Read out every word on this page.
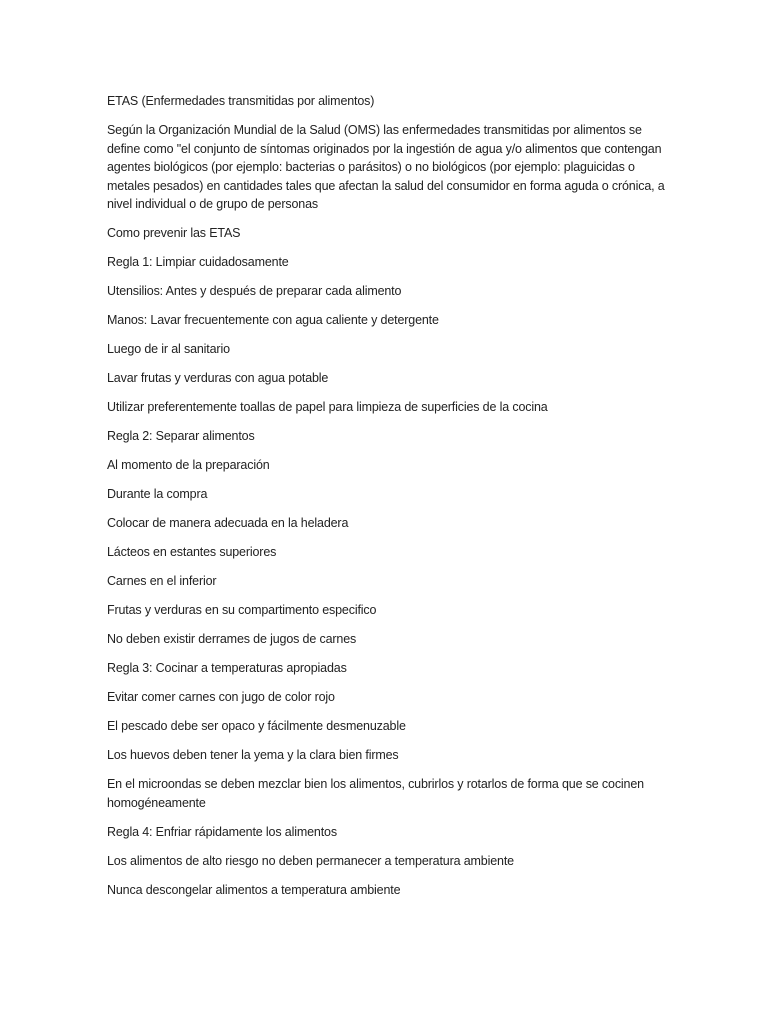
ETAS (Enfermedades transmitidas por alimentos)

Según la Organización Mundial de la Salud (OMS) las enfermedades transmitidas por alimentos se define como "el conjunto de síntomas originados por la ingestión de agua y/o alimentos que contengan agentes biológicos (por ejemplo: bacterias o parásitos) o no biológicos (por ejemplo: plaguicidas o metales pesados) en cantidades tales que afectan la salud del consumidor en forma aguda o crónica, a nivel individual o de grupo de personas

Como prevenir las ETAS

Regla 1: Limpiar cuidadosamente

Utensilios: Antes y después de preparar cada alimento

Manos: Lavar frecuentemente con agua caliente y detergente

Luego de ir al sanitario

Lavar frutas y verduras con agua potable

Utilizar preferentemente toallas de papel para limpieza de superficies de la cocina

Regla 2: Separar alimentos

Al momento de la preparación

Durante la compra

Colocar de manera adecuada en la heladera

Lácteos en estantes superiores

Carnes en el inferior

Frutas y verduras en su compartimento especifico

No deben existir derrames de jugos de carnes

Regla 3: Cocinar a temperaturas apropiadas

Evitar comer carnes con jugo de color rojo

El pescado debe ser opaco y fácilmente desmenuzable

Los huevos deben tener la yema y la clara bien firmes

En el microondas se deben mezclar bien los alimentos, cubrirlos y rotarlos de forma que se cocinen homogéneamente

Regla 4: Enfriar rápidamente los alimentos

Los alimentos de alto riesgo no deben permanecer a temperatura ambiente

Nunca descongelar alimentos a temperatura ambiente
